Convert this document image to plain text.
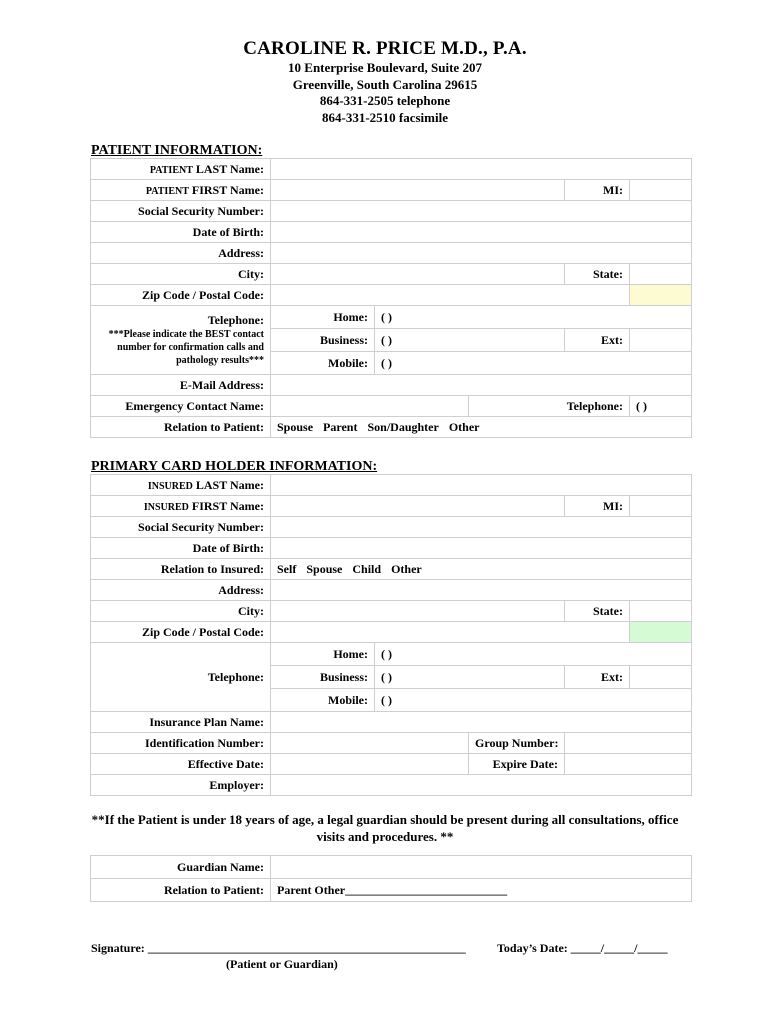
CAROLINE R. PRICE M.D., P.A.
10 Enterprise Boulevard, Suite 207
Greenville, South Carolina 29615
864-331-2505 telephone
864-331-2510 facsimile
PATIENT INFORMATION:
PATIENT LAST Name:					
PATIENT FIRST Name:				MI:	
Social Security Number:					
Date of Birth:					
Address:					
City:				State:	
Zip Code / Postal Code:					

Telephone:
***Please indicate the BEST contact number for confirmation calls and pathology results***	Home:	( )			
	Business:	( )		Ext:	
	Mobile:	( )			
E-Mail Address:					
Emergency Contact Name:			Telephone:		( )
Relation to Patient:	Spouse Parent Son/Daughter Other				
PRIMARY CARD HOLDER INFORMATION:
INSURED LAST Name:					
INSURED FIRST Name:				MI:	
Social Security Number:					
Date of Birth:					
Relation to Insured:	Self Spouse Child Other				
Address:					
City:				State:	
Zip Code / Postal Code:					
Telephone:	Home:	( )			
	Business:	( )		Ext:	
	Mobile:	( )			
Insurance Plan Name:					
Identification Number:			Group Number:		
Effective Date:			Expire Date:		
Employer:					
**If the Patient is under 18 years of age, a legal guardian should be present during all consultations, office visits and procedures. **
Guardian Name:	
Relation to Patient:	Parent Other___________________________
Signature: _____________________________________________________
(Patient or Guardian)
Today’s Date: _____/_____/_____
